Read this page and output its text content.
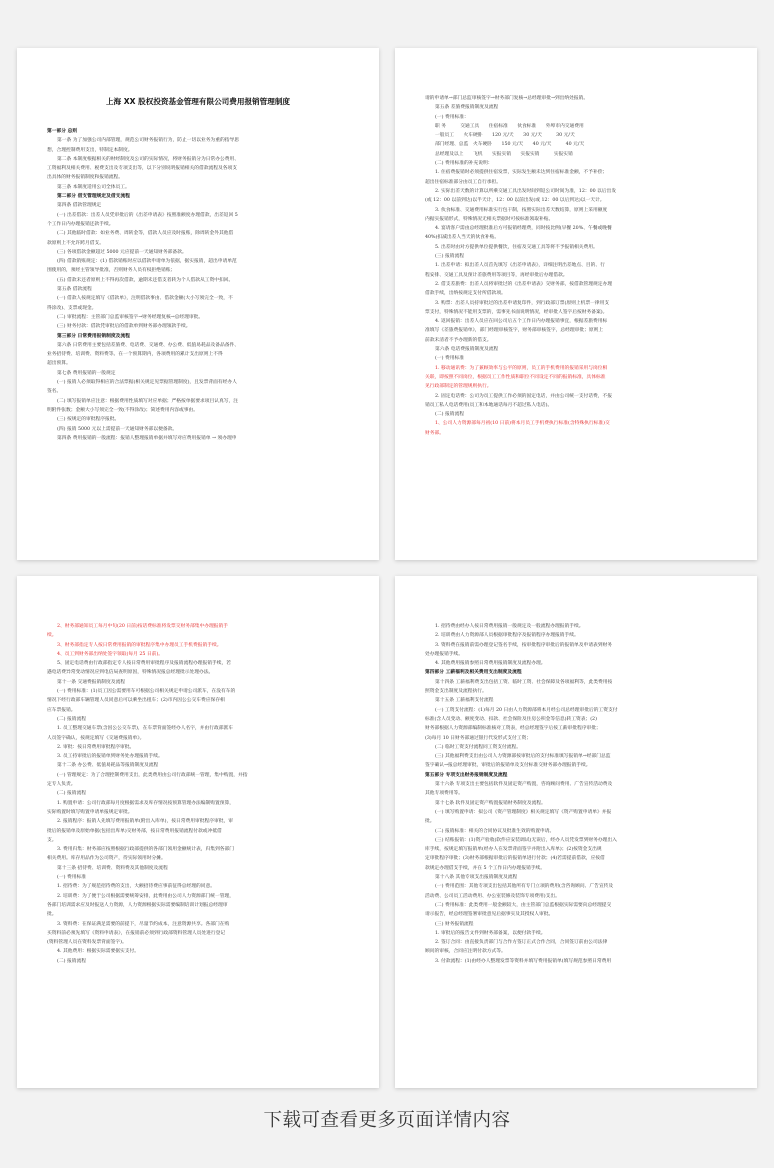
上海 XX 股权投资基金管理有限公司费用报销管理制度
第一部分 总则
第一条 为了加强公司内部管理，规范公司财务报销行为，防止一切以业务为重的指导思
想，合理控制费用支出，特制定本制度。
第二条 本制度根据相关的财经制度及公司的实际情况，将财务报销分为日常办公费用、
工资福利及相关费用、税费支出及专项支出等，以下分别说明报销相关的借款流程及各项支
出具体的财务报销制度和报销流程。
第三条 本制度适用公司全体员工。
第二部分 借支管理规定及借支流程
第四条 借款管理规定
(一) 出差借款：出差人员凭审批后的《出差申请表》按照准额度办理借款，出差返回 5
个工作日内办理报销还款手续。
(二) 其他临时借款：如业务费、周转金等，借款人员应及时报账，除周转金外其他借
款原则上不允许跨月借支。
(三) 各项借款金额超过 5000 元应提前一天通知财务部备款。
(四) 借款销账规定：(1) 借款销账时应以借款申请单为依据，据实报销，超出申请单范
围使用的，须经主管领导批准，否则财务人员有权拒绝销账；
(五) 借款未还者原则上不得再次借款，逾期未还借支者转为个人借款从工资中扣回。
第五条 借款流程
(一) 借款人按规定填写《借款单》，注明借款事由、借款金额(大小写须完全一致，不
得涂改)、支票或现金。
(二) 审批流程：主管部门总监审核签字→财务经理复核→总经理审批。
(三) 财务付款：借款凭审批后的借款单到财务部办理领款手续。
第三部分 日常费用报销制度及流程
第六条 日常费用主要包括差旅费、电话费、交通费、办公费、低值易耗品及备品备件、
业务招待费、培训费、资料费等。在一个预算期内，各项费用的累计支出原则上不得
超出预算。
第七条 费用报销的一般规定
(一) 报销人必须取得相应的合法票据(相关规定见票据管理制度)，且发票背面有经办人
签名。
(二) 填写报销单应注意：根据费用性质填写对应单据；严格按单据要求项目认真写，注
明附件张数；金额大小写须完全一致(不得涂改)；简述费用内容或事由。
(三) 按规定的审批程序报批。
(四) 报销 5000 元以上需提前一天通知财务部以便备款。
第四条 费用报销的一般流程：报销人整理报销单据并填写对应费用报销单 → 须办理申
请的申请单→部门总监审核签字→财务部门复核→总经理审批→到出纳处报销。
第五条 差旅费报销制度及流程
(一) 费用标准：
职 务　　　交通工具　　住宿标准　　伙食标准　　外埠市内交通费用
一般员工　　火车硬卧　　120 元/天　　30 元/天　　　30 元/天
部门经理、总监　火车硬卧　　150 元/天　　40 元/天　　　40 元/天
总经理及以上　　飞机　　实报实销　　实报实销　　　实报实销
(二) 费用标准的补充说明：
1. 住宿费报销时必须提供住宿发票，实际发生额未达到住宿标准金额，不予补偿；
超出住宿标准部分由员工自行承担。
2. 实际出差天数的计算以所乘交通工具出发时间到返公司时间为准，12：00 以后出发
(或 12：00 以前到达)以半天计，12：00 以前出发(或 12：00 以后到达)以一天计。
3. 伙食标准、交通费用标准实行包干制，按照实际出差天数结算，原则上采用额度
内据实报销形式，特殊情况无相关票据时可按标准领取补贴。
4. 宴请客户需由总经理批准后方可报销经理费，同时按比例(早餐 20%、午餐或晚餐
40%)扣减出差人当天的伙食补贴。
5. 出差时由对方提供单位提供餐饮，住宿及交通工具等将不予报销相关费用。
(三) 报销流程
1. 出差申请：拟出差人员首先填写《出差申请表》，详细注明出差地点、目的、行
程安排、交通工具及预计差旅费用等项目等，再经审批后办理借款。
2. 借支差旅费：出差人员将审批过的《出差申请表》交财务部，按借款管理规定办理
借款手续，出纳按规定支付所借款项。
3. 购票：出差人员持审批过的出差申请复印件，到行政部订票(原则上机票一律用支
票支付，特殊情况不能用支票的，需事先书面说明情况，经审批人签字后按财务备案)。
4. 返回报销：出差人员应在回公司后五个工作日内办理报销事宜，根据差旅费用标
准填写《差旅费报销单》，部门经理审核签字，财务部审核签字，总经理审批；原则上
前款未清者不予办理新的借支。
第六条 电话费报销制度及流程
(一) 费用标准
1. 移动通讯费：为了兼顾效率与公平的原则，员工的手机费用的报销采用与岗位相
关联，即按照不同岗位，根据员工工作性质和职位不同设定不同的报销标准，具体标准
见行政部制定的管理规则执行。
2. 固定电话费：公司为员工提供工作必须的固定电话，并由公司统一支付话费，不报
销员工私人电话费用(员工和本地通话每月不超过私人电话)。
(二) 报销流程
1、公司人力资源部每月初(10 日前)将本月员工手机费执行标准(含特殊执行标准)交
财务部。
2、财务部通知员工每月中旬(20 日前)按话费标准将发票交财务部集中办理报销手
续。
3、财务部指定专人按日常费用报销的审批程序集中办理员工手机费报销手续。
4、员工到财务部出纳处签字领取(每月 25 日前)。
5、固定电话费由行政部指定专人按日常费用审批程序及报销流程办理报销手续，若
遇电话费异常变动情况应到电信局查明原因，特殊情况报总经理批示处理办法。
第十一条 交通费报销制度及流程
(一) 费用标准：(1)员工因公需要用车可根据公司相关规定申请公司派车，在没有车的
情况下经行政部车辆管理人员同意后可以乘坐出租车；(2)市内因公公交车费应保存相
应车票报销。
(二) 报销流程
1. 员工整理交通车票(含因公公交车票)，在车票背面签经办人名字，并由行政部派车
人员签字确认，按规定填写《交通费报销单》。
2. 审批：按日常费用审批程序审批。
3. 员工持审批后的报销单到财务处办理报销手续。
第十二条 办公费、低值易耗品等报销制度及流程
(一) 管理规定：为了合理控制费用支出，此类费用由公司行政部统一管理，集中购置，并指
定专人负责。
(二) 报销流程
1. 购置申请：公司行政部每月度根据需求及库存情况按预算管理办法编制购置预算，
实际购置时填写购置申请单报规定审批。
2. 报销程序：报销人先填写费用报销单(附出入库单)，按日常费用审批程序审批，审
批后的报销单及原始单据(包括出库单)交财务部，按日常费用报销流程付款或冲抵借
支。
3. 费用归集：财务部应按照根据行政部提供的各部门领用金额统计表，归集到各部门
相关费用。库存用品作为公司资产，待实际领用时分摊。
第十三条 招待费、培训费、资料费及其他制度及流程
(一) 费用标准
1. 招待费：为了规范招待费的支出，大额招待费应事前征得总经理的同意。
2. 培训费：为了便于公司根据需要统筹安排，此费用由公司人力资源部门统一管理，
各部门培训需求应及时报送人力资源，人力资源根据实际需要编制培训计划报总经理审
批。
3. 资料费：在保证满足需要的前提下，尽量节约成本，注意资源共享。各部门在购
买资料前必须先填写《资料申请表》，在报销前必须到行政部资料管理人员处进行登记
(资料管理人员在资料发票背面签字)。
4. 其他费用：根据实际需要据实支付。
(二) 报销流程
1. 招待费由经办人按日常费用报销一般规定及一般流程办理报销手续。
2. 培训费由人力资源部人员根据审批程序及报销程序办理报销手续。
3. 资料费在报销前需办理登记签名手续，按审批程序审批后的报销单及申请表到财务
处办理报销手续。
4. 其他费用报销参照日常费用报销制度及流程办理。
第四部分 工薪福利及相关费用支出制度及流程
第十四条 工薪福利费支出包括工资、临时工资、社会保障及各项福利等，此类费用按
照资金支出制度及流程执行。
第十五条 工薪福利支付流程
(一) 工资支付流程：(1)每月 20 日由人力资源部将本月经公司总经理审批后的工资支付
标准(含人员变动、额度变动、扣款、社会保险及住房公积金等信息)转工资表；(2)
财务部根据人力资源部编制标准核对工资表，经总经理签字后按工薪审批程序审批；
(3)每月 10 日财务部通过银行代发形式支付工资；
(二) 临时工资支付流程同工资支付流程。
(三) 其他福利费支出由公司人力资源部按审批后的支付标准填写报销单→经部门总监
签字确认→报总经理审批，审批后的报销单及支付标准交财务部办理报销手续。
第五部分 专项支出财务报销制度及流程
第十六条 专项支出主要包括软件及固定资产购置，咨询顾问费用、广告宣传活动费及
其他专项费用等。
第十七条 软件及固定资产购置报销财务制度及流程。
(一) 填写购置申请：拟公司《资产管理制度》相关规定填写《资产购置申请单》并报
批。
(二) 报销标准：相关的合同协议及批准生效的购置申请。
(三) 结账报销：(1)资产验收(软件应安装调试)无误后，经办人员凭发票到财务办理出入
库手续，按规定填写报销单(经办人在发票背面签字并附出入库单)；(2)按资金支出规
定审批程序审批；(3)财务部根据审批后的报销单进行付款；(4)若需提前借款，应按借
款规定办理借支手续，并在 5 个工作日内办理报销手续。
第十八条 其他专项支出报销制度及流程
(一) 费用范围：其他专项支出包括其他所有专门立项的费用(含咨询顾问、广告宣传及
活动费、公司员工活动费用、办公室装修及装饰专项费用)支出。
(二) 费用标准：此类费用一般金额较大，由主管部门总监根据实际需要向总经理提交
请示报告，经总经理签署审批意见后据事实及其授权人审批。
(三) 财务报销流程
1. 审批后的报告文件到财务部备案，以便付款手续。
2. 签订合同：由直接负责部门与合作方签订正式合作合同，合同签订前由公司法律
顾问的审核，合同应注明付款方式等。
3. 付款流程：(1)由经办人整理发票等资料并填写费用报销单(填写规范参照日常费用
下载可查看更多页面详情内容
